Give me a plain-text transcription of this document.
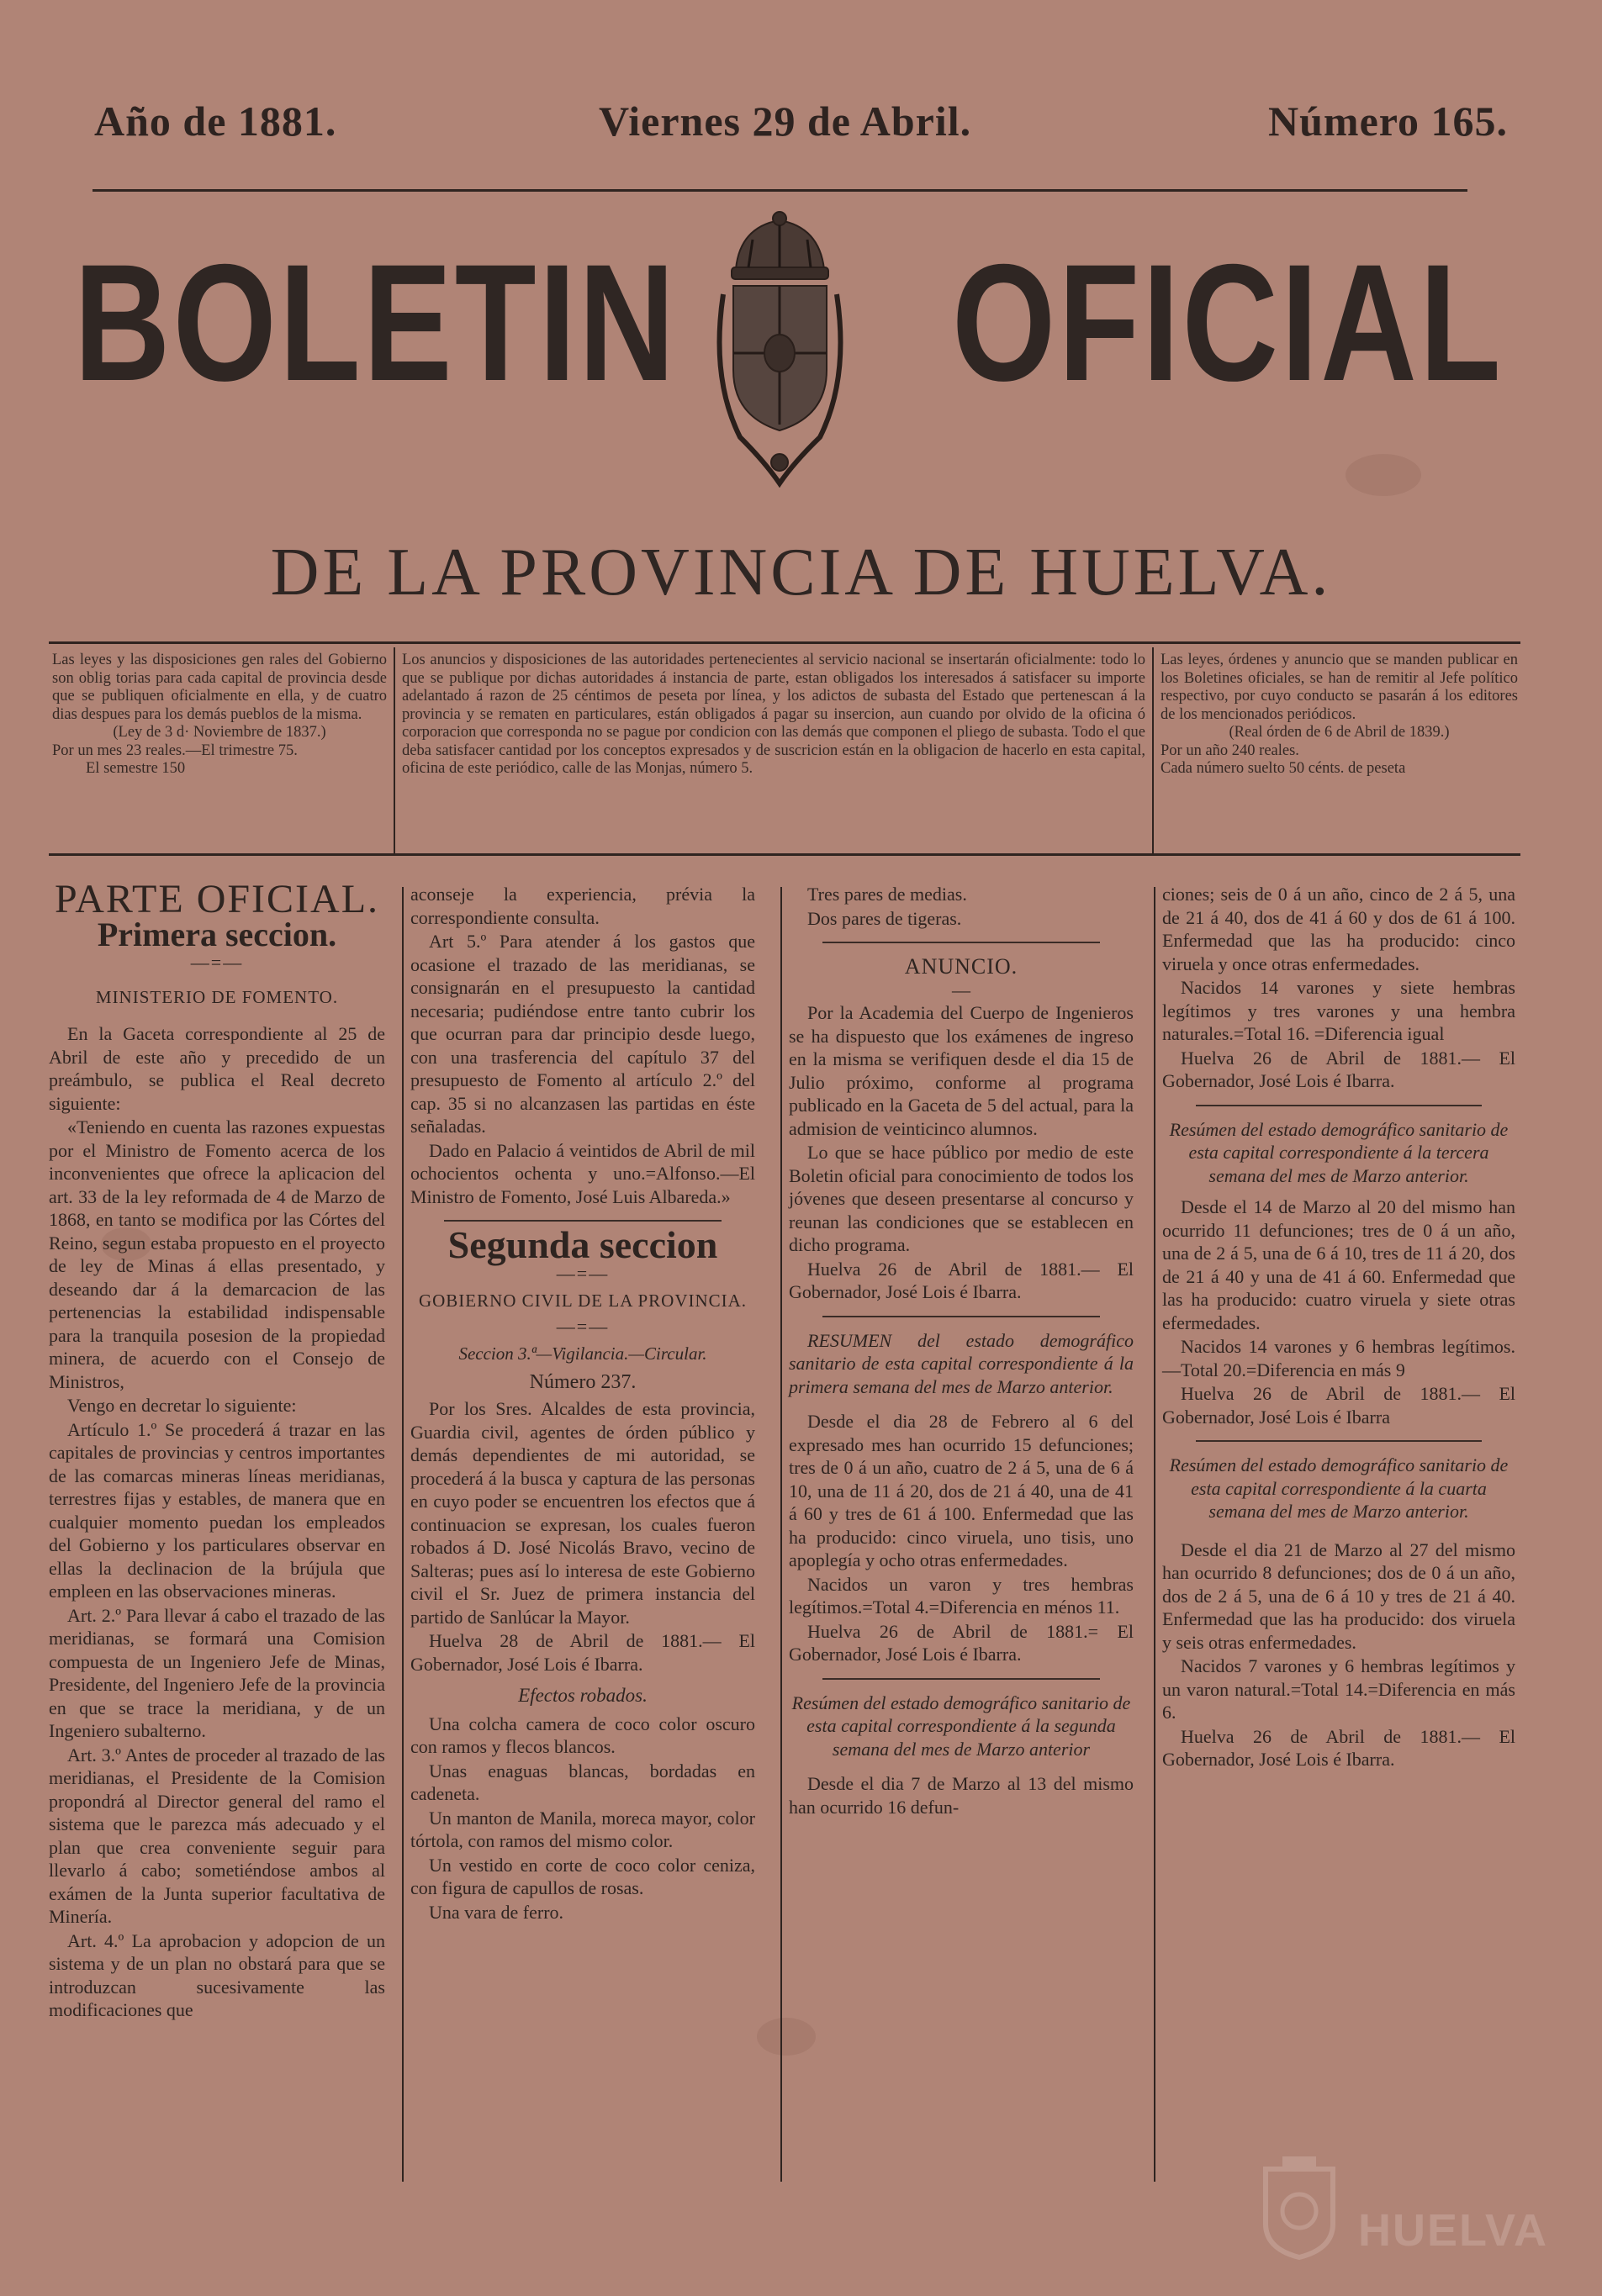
Año de 1881.	Viernes 29 de Abril.	Número 165.
BOLETIN OFICIAL
DE LA PROVINCIA DE HUELVA.

Las leyes y las disposiciones gen rales del Gobierno son oblig torias para cada capital de provincia desde que se publiquen oficialmente en ella, y de cuatro dias despues para los demás pueblos de la misma.

(Ley de 3 d· Noviembre de 1837.)

Por un mes 23 reales.—El trimestre 75.

El semestre 150

Los anuncios y disposiciones de las autoridades pertenecientes al servicio nacional se insertarán oficialmente: todo lo que se publique por dichas autoridades á instancia de parte, estan obligados los interesados á satisfacer su importe adelantado á razon de 25 céntimos de peseta por línea, y los adictos de subasta del Estado que pertenescan á la provincia y se rematen en particulares, están obligados á pagar su insercion, aun cuando por olvido de la oficina ó corporacion que corresponda no se pague por condicion con las demás que componen el pliego de subasta. Todo el que deba satisfacer cantidad por los conceptos expresados y de suscricion están en la obligacion de hacerlo en esta capital, oficina de este periódico, calle de las Monjas, número 5.

Las leyes, órdenes y anuncio que se manden publicar en los Boletines oficiales, se han de remitir al Jefe político respectivo, por cuyo conducto se pasarán á los editores de los mencionados periódicos.

(Real órden de 6 de Abril de 1839.)

Por un año 240 reales.

Cada número suelto 50 cénts. de peseta

PARTE OFICIAL.
Primera seccion.
—=—
MINISTERIO DE FOMENTO.

En la Gaceta correspondiente al 25 de Abril de este año y precedido de un preámbulo, se publica el Real decreto siguiente:

«Teniendo en cuenta las razones expuestas por el Ministro de Fomento acerca de los inconvenientes que ofrece la aplicacion del art. 33 de la ley reformada de 4 de Marzo de 1868, en tanto se modifica por las Córtes del Reino, segun estaba propuesto en el proyecto de ley de Minas á ellas presentado, y deseando dar á la demarcacion de las pertenencias la estabilidad indispensable para la tranquila posesion de la propiedad minera, de acuerdo con el Consejo de Ministros,

Vengo en decretar lo siguiente:

Artículo 1.º Se procederá á trazar en las capitales de provincias y centros importantes de las comarcas mineras líneas meridianas, terrestres fijas y estables, de manera que en cualquier momento puedan los empleados del Gobierno y los particulares observar en ellas la declinacion de la brújula que empleen en las observaciones mineras.

Art. 2.º Para llevar á cabo el trazado de las meridianas, se formará una Comision compuesta de un Ingeniero Jefe de Minas, Presidente, del Ingeniero Jefe de la provincia en que se trace la meridiana, y de un Ingeniero subalterno.

Art. 3.º Antes de proceder al trazado de las meridianas, el Presidente de la Comision propondrá al Director general del ramo el sistema que le parezca más adecuado y el plan que crea conveniente seguir para llevarlo á cabo; sometiéndose ambos al exámen de la Junta superior facultativa de Minería.

Art. 4.º La aprobacion y adopcion de un sistema y de un plan no obstará para que se introduzcan sucesivamente las modificaciones que

aconseje la experiencia, prévia la correspondiente consulta.

Art 5.º Para atender á los gastos que ocasione el trazado de las meridianas, se consignarán en el presupuesto la cantidad necesaria; pudiéndose entre tanto cubrir los que ocurran para dar principio desde luego, con una trasferencia del capítulo 37 del presupuesto de Fomento al artículo 2.º del cap. 35 si no alcanzasen las partidas en éste señaladas.

Dado en Palacio á veintidos de Abril de mil ochocientos ochenta y uno.=Alfonso.—El Ministro de Fomento, José Luis Albareda.»

Segunda seccion
—=—
GOBIERNO CIVIL DE LA PROVINCIA.
—=—
Seccion 3.ª—Vigilancia.—Circular.
Número 237.

Por los Sres. Alcaldes de esta provincia, Guardia civil, agentes de órden público y demás dependientes de mi autoridad, se procederá á la busca y captura de las personas en cuyo poder se encuentren los efectos que á continuacion se expresan, los cuales fueron robados á D. José Nicolás Bravo, vecino de Salteras; pues así lo interesa de este Gobierno civil el Sr. Juez de primera instancia del partido de Sanlúcar la Mayor.

Huelva 28 de Abril de 1881.— El Gobernador, José Lois é Ibarra.

Efectos robados.

Una colcha camera de coco color oscuro con ramos y flecos blancos.

Unas enaguas blancas, bordadas en cadeneta.

Un manton de Manila, moreca mayor, color tórtola, con ramos del mismo color.

Un vestido en corte de coco color ceniza, con figura de capullos de rosas.

Una vara de ferro.

Tres pares de medias.

Dos pares de tigeras.

ANUNCIO.
—

Por la Academia del Cuerpo de Ingenieros se ha dispuesto que los exámenes de ingreso en la misma se verifiquen desde el dia 15 de Julio próximo, conforme al programa publicado en la Gaceta de 5 del actual, para la admision de veinticinco alumnos.

Lo que se hace público por medio de este Boletin oficial para conocimiento de todos los jóvenes que deseen presentarse al concurso y reunan las condiciones que se establecen en dicho programa.

Huelva 26 de Abril de 1881.— El Gobernador, José Lois é Ibarra.

RESUMEN del estado demográfico sanitario de esta capital correspondiente á la primera semana del mes de Marzo anterior.

Desde el dia 28 de Febrero al 6 del expresado mes han ocurrido 15 defunciones; tres de 0 á un año, cuatro de 2 á 5, una de 6 á 10, una de 11 á 20, dos de 21 á 40, una de 41 á 60 y tres de 61 á 100. Enfermedad que las ha producido: cinco viruela, uno tisis, uno apoplegía y ocho otras enfermedades.

Nacidos un varon y tres hembras legítimos.=Total 4.=Diferencia en ménos 11.

Huelva 26 de Abril de 1881.= El Gobernador, José Lois é Ibarra.

Resúmen del estado demográfico sanitario de esta capital correspondiente á la segunda semana del mes de Marzo anterior

Desde el dia 7 de Marzo al 13 del mismo han ocurrido 16 defun-

ciones; seis de 0 á un año, cinco de 2 á 5, una de 21 á 40, dos de 41 á 60 y dos de 61 á 100. Enfermedad que las ha producido: cinco viruela y once otras enfermedades.

Nacidos 14 varones y siete hembras legítimos y tres varones y una hembra naturales.=Total 16. =Diferencia igual

Huelva 26 de Abril de 1881.— El Gobernador, José Lois é Ibarra.

Resúmen del estado demográfico sanitario de esta capital correspondiente á la tercera semana del mes de Marzo anterior.

Desde el 14 de Marzo al 20 del mismo han ocurrido 11 defunciones; tres de 0 á un año, una de 2 á 5, una de 6 á 10, tres de 11 á 20, dos de 21 á 40 y una de 41 á 60. Enfermedad que las ha producido: cuatro viruela y siete otras efermedades.

Nacidos 14 varones y 6 hembras legítimos.—Total 20.=Diferencia en más 9

Huelva 26 de Abril de 1881.— El Gobernador, José Lois é Ibarra

Resúmen del estado demográfico sanitario de esta capital correspondiente á la cuarta semana del mes de Marzo anterior.

Desde el dia 21 de Marzo al 27 del mismo han ocurrido 8 defunciones; dos de 0 á un año, dos de 2 á 5, una de 6 á 10 y tres de 21 á 40. Enfermedad que las ha producido: dos viruela y seis otras enfermedades.

Nacidos 7 varones y 6 hembras legítimos y un varon natural.=Total 14.=Diferencia en más 6.

Huelva 26 de Abril de 1881.— El Gobernador, José Lois é Ibarra.

HUELVA
